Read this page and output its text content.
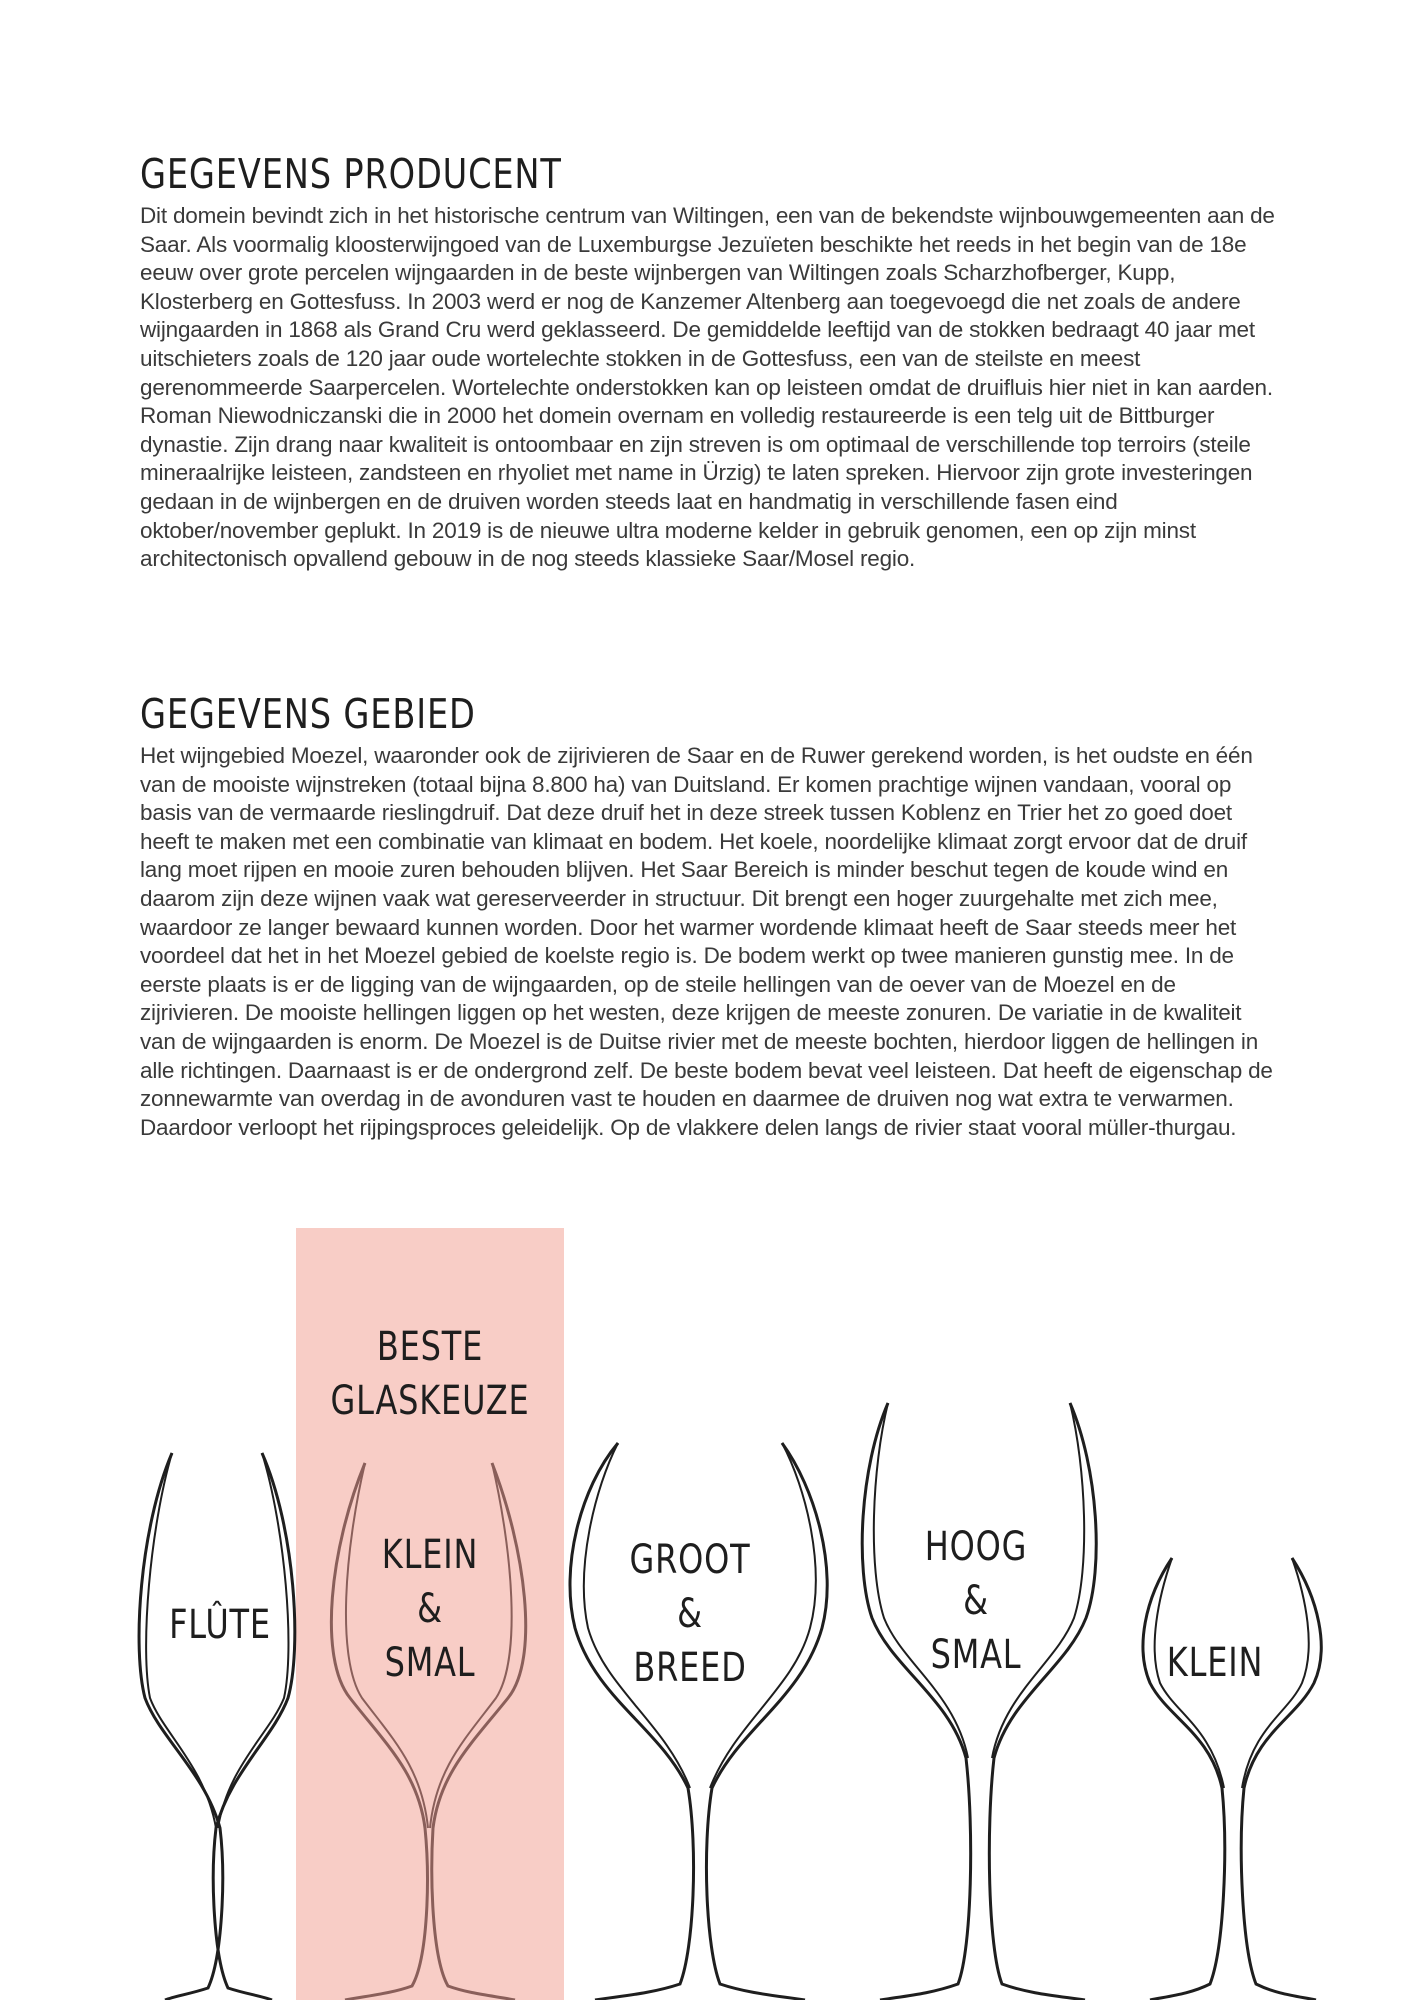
GEGEVENS PRODUCENT

Dit domein bevindt zich in het historische centrum van Wiltingen, een van de bekendste wijnbouwgemeenten aan de Saar. Als voormalig kloosterwijngoed van de Luxemburgse Jezuïeten beschikte het reeds in het begin van de 18e eeuw over grote percelen wijngaarden in de beste wijnbergen van Wiltingen zoals Scharzhofberger, Kupp, Klosterberg en Gottesfuss. In 2003 werd er nog de Kanzemer Altenberg aan toegevoegd die net zoals de andere wijngaarden in 1868 als Grand Cru werd geklasseerd. De gemiddelde leeftijd van de stokken bedraagt 40 jaar met uitschieters zoals de 120 jaar oude wortelechte stokken in de Gottesfuss, een van de steilste en meest gerenommeerde Saarpercelen. Wortelechte onderstokken kan op leisteen omdat de druifluis hier niet in kan aarden. Roman Niewodniczanski die in 2000 het domein overnam en volledig restaureerde is een telg uit de Bittburger dynastie. Zijn drang naar kwaliteit is ontoombaar en zijn streven is om optimaal de verschillende top terroirs (steile mineraalrijke leisteen, zandsteen en rhyoliet met name in Ürzig) te laten spreken. Hiervoor zijn grote investeringen gedaan in de wijnbergen en de druiven worden steeds laat en handmatig in verschillende fasen eind oktober/november geplukt. In 2019 is de nieuwe ultra moderne kelder in gebruik genomen, een op zijn minst architectonisch opvallend gebouw in de nog steeds klassieke Saar/Mosel regio.

GEGEVENS GEBIED

Het wijngebied Moezel, waaronder ook de zijrivieren de Saar en de Ruwer gerekend worden, is het oudste en één van de mooiste wijnstreken (totaal bijna 8.800 ha) van Duitsland. Er komen prachtige wijnen vandaan, vooral op basis van de vermaarde rieslingdruif. Dat deze druif het in deze streek tussen Koblenz en Trier het zo goed doet heeft te maken met een combinatie van klimaat en bodem. Het koele, noordelijke klimaat zorgt ervoor dat de druif lang moet rijpen en mooie zuren behouden blijven. Het Saar Bereich is minder beschut tegen de koude wind en daarom zijn deze wijnen vaak wat gereserveerder in structuur. Dit brengt een hoger zuurgehalte met zich mee, waardoor ze langer bewaard kunnen worden. Door het warmer wordende klimaat heeft de Saar steeds meer het voordeel dat het in het Moezel gebied de koelste regio is. De bodem werkt op twee manieren gunstig mee. In de eerste plaats is er de ligging van de wijngaarden, op de steile hellingen van de oever van de Moezel en de zijrivieren. De mooiste hellingen liggen op het westen, deze krijgen de meeste zonuren. De variatie in de kwaliteit van de wijngaarden is enorm. De Moezel is de Duitse rivier met de meeste bochten, hierdoor liggen de hellingen in alle richtingen. Daarnaast is er de ondergrond zelf. De beste bodem bevat veel leisteen. Dat heeft de eigenschap de zonnewarmte van overdag in de avonduren vast te houden en daarmee de druiven nog wat extra te verwarmen. Daardoor verloopt het rijpingsproces geleidelijk. Op de vlakkere delen langs de rivier staat vooral müller-thurgau.

BESTE
GLASKEUZE
FLÛTE
KLEIN
&
SMAL
GROOT
&
BREED
HOOG
&
SMAL	KLEIN
